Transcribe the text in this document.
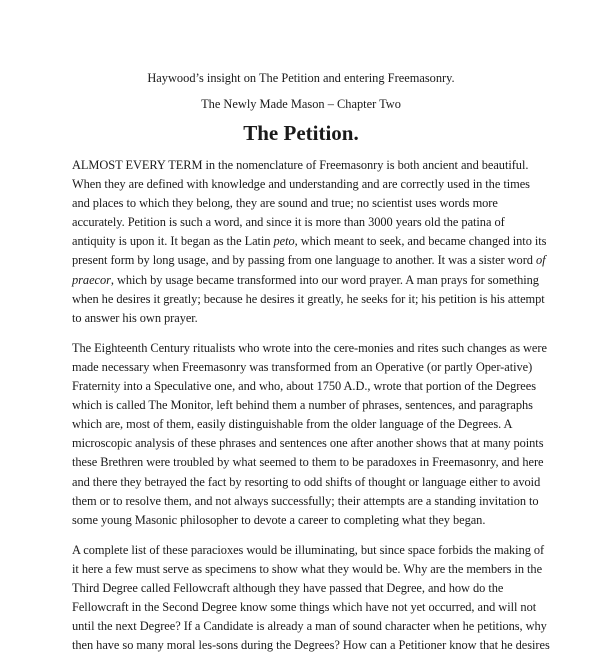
Haywood’s insight on The Petition and entering Freemasonry.

The Newly Made Mason – Chapter Two

The Petition.

ALMOST EVERY TERM in the nomenclature of Freemasonry is both ancient and beautiful.
When they are defined with knowledge and understanding and are correctly used in the times
and places to which they belong, they are sound and true; no scientist uses words more
accurately. Petition is such a word, and since it is more than 3000 years old the patina of
antiquity is upon it. It began as the Latin peto, which meant to seek, and became changed into its
present form by long usage, and by passing from one language to another. It was a sister word of
praecor, which by usage became transformed into our word prayer. A man prays for something
when he desires it greatly; because he desires it greatly, he seeks for it; his petition is his attempt
to answer his own prayer.

The Eighteenth Century ritualists who wrote into the cere-monies and rites such changes as were
made necessary when Freemasonry was transformed from an Operative (or partly Oper-ative)
Fraternity into a Speculative one, and who, about 1750 A.D., wrote that portion of the Degrees
which is called The Monitor, left behind them a number of phrases, sentences, and paragraphs
which are, most of them, easily distinguishable from the older language of the Degrees. A
microscopic analysis of these phrases and sentences one after another shows that at many points
these Brethren were troubled by what seemed to them to be paradoxes in Freemasonry, and here
and there they betrayed the fact by resorting to odd shifts of thought or language either to avoid
them or to resolve them, and not always successfully; their attempts are a standing invitation to
some young Masonic philosopher to devote a career to completing what they began.

A complete list of these paracioxes would be illuminating, but since space forbids the making of
it here a few must serve as specimens to show what they would be. Why are the members in the
Third Degree called Fellowcraft although they have passed that Degree, and how do the
Fellowcraft in the Second Degree know some things which have not yet occurred, and will not
until the next Degree? If a Candidate is already a man of sound character when he petitions, why
then have so many moral les-sons during the Degrees? How can a Petitioner know that he desires
